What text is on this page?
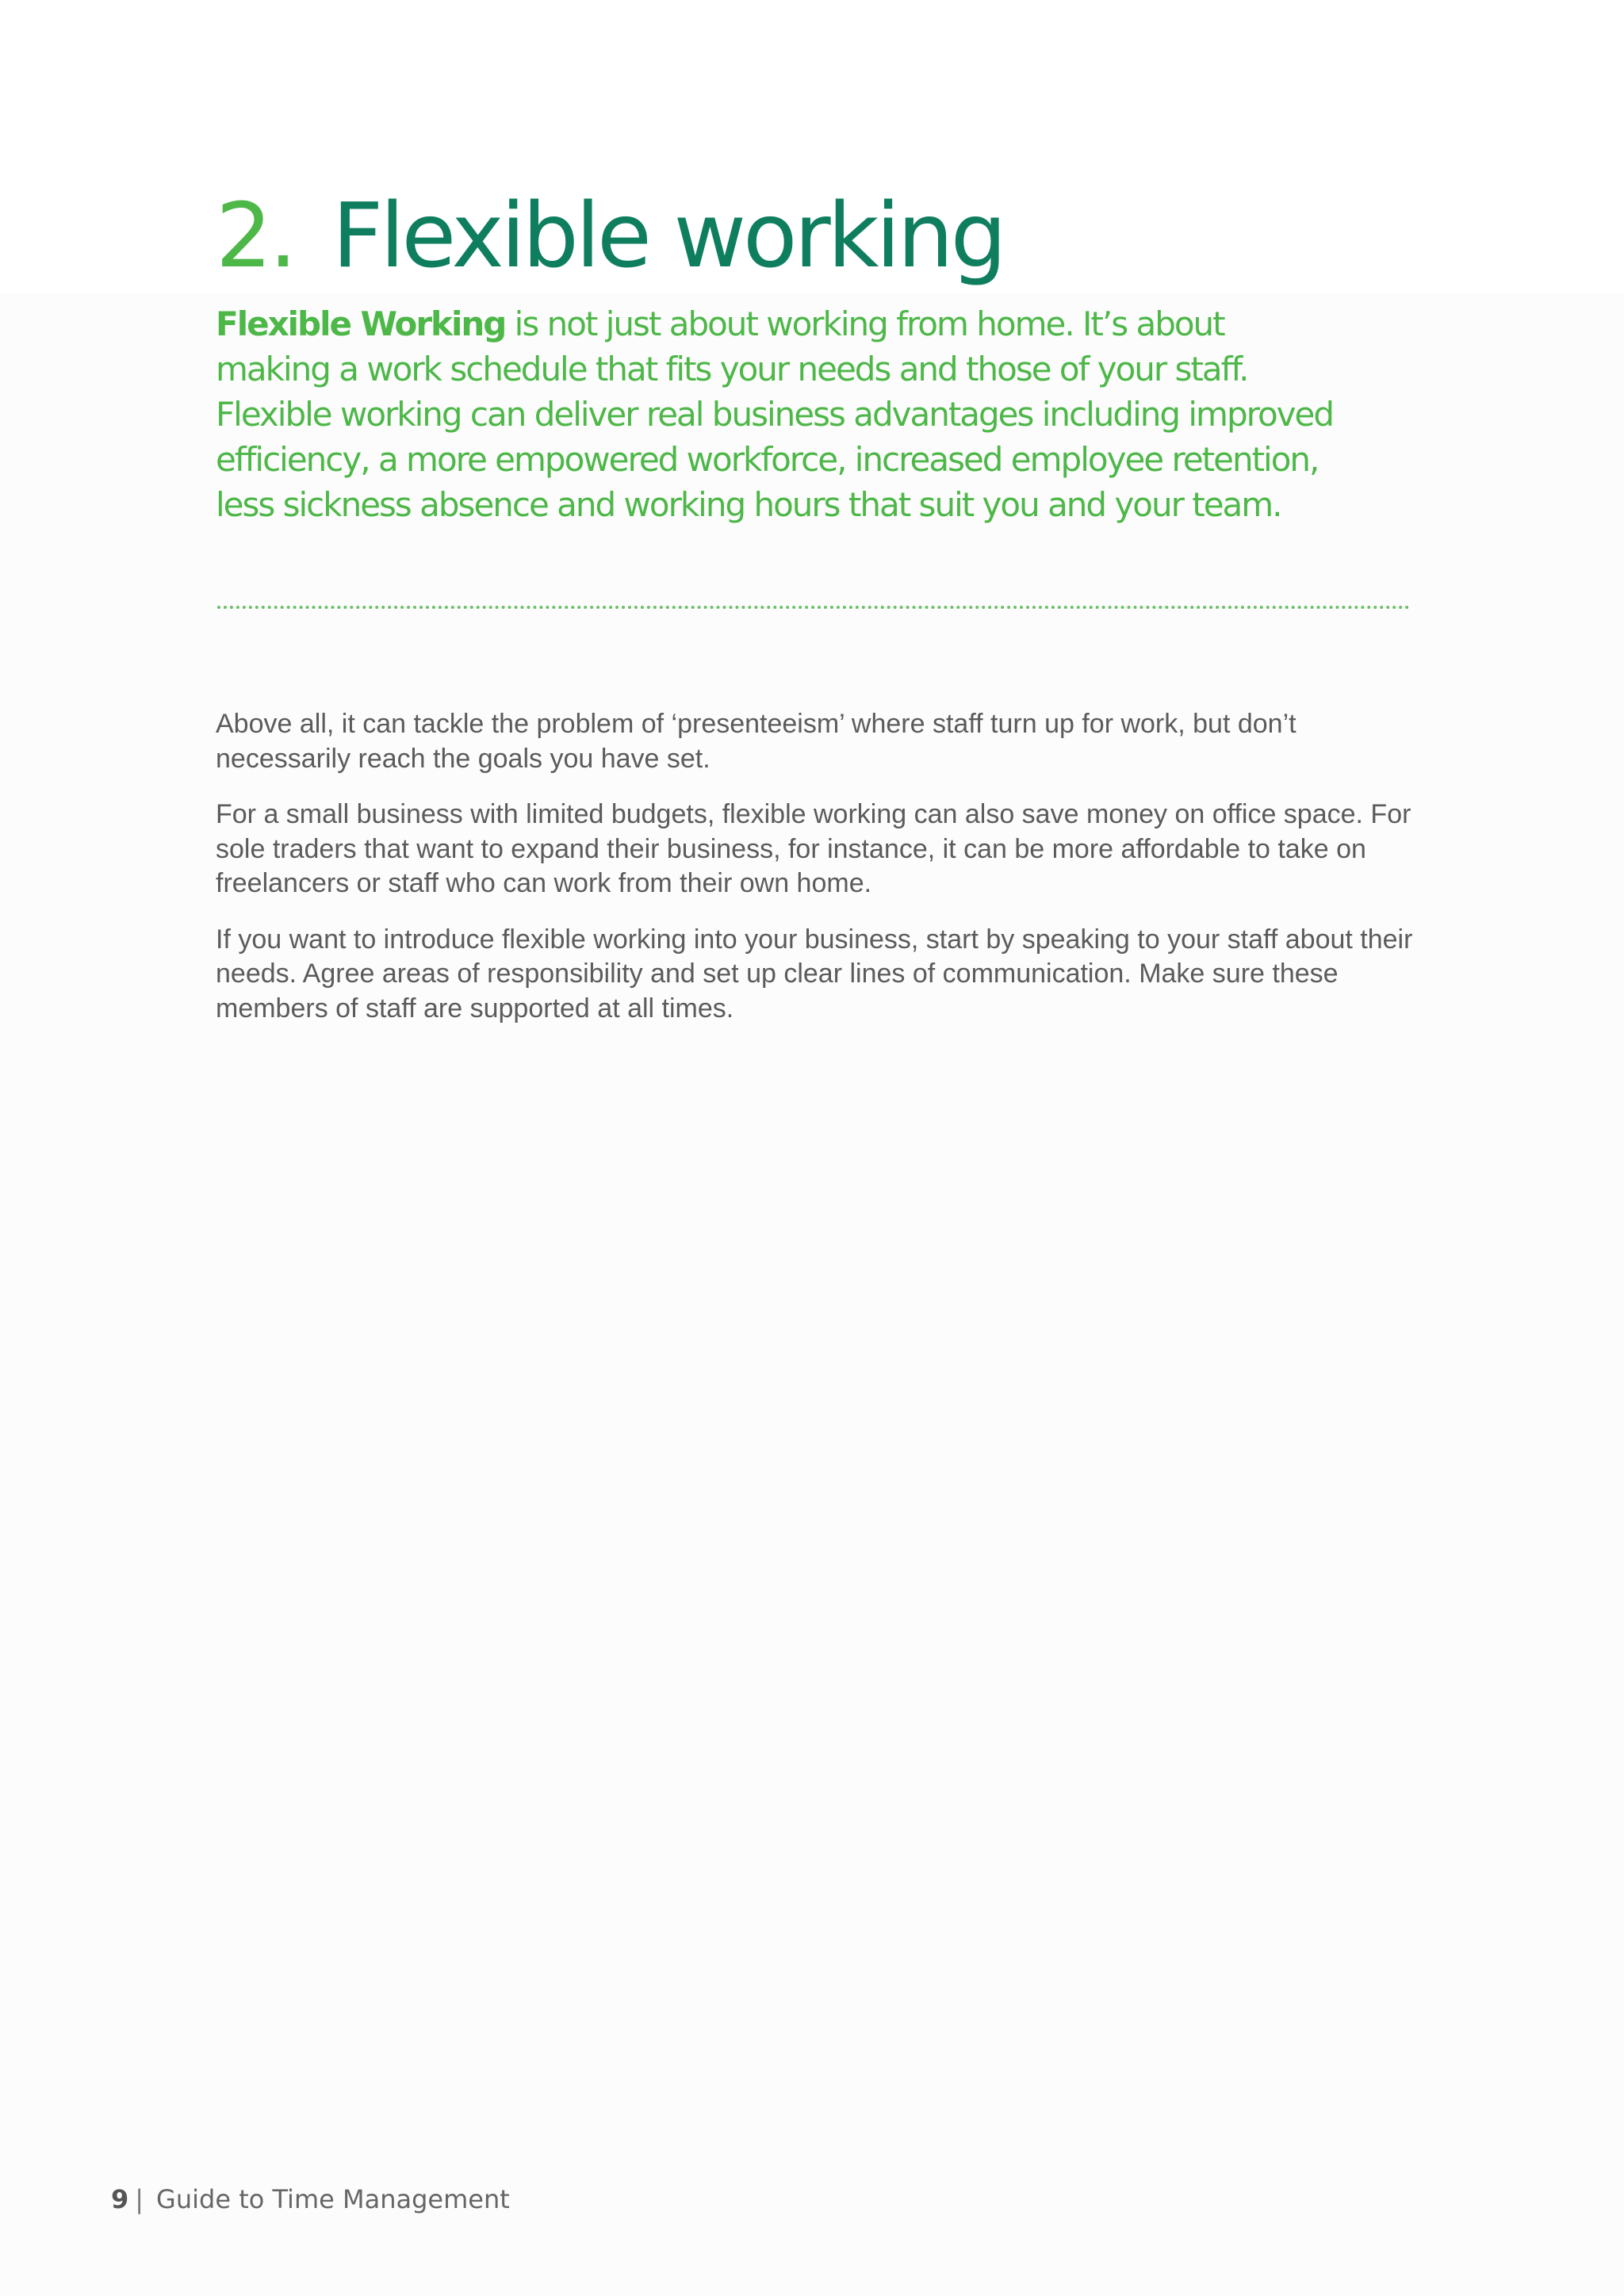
2. Flexible working

Flexible Working is not just about working from home. It’s about making a work schedule that fits your needs and those of your staff. Flexible working can deliver real business advantages including improved efficiency, a more empowered workforce, increased employee retention, less sickness absence and working hours that suit you and your team.

Above all, it can tackle the problem of ‘presenteeism’ where staff turn up for work, but don’t necessarily reach the goals you have set.

For a small business with limited budgets, flexible working can also save money on office space. For sole traders that want to expand their business, for instance, it can be more affordable to take on freelancers or staff who can work from their own home.

If you want to introduce flexible working into your business, start by speaking to your staff about their needs. Agree areas of responsibility and set up clear lines of communication. Make sure these members of staff are supported at all times.

9 | Guide to Time Management
